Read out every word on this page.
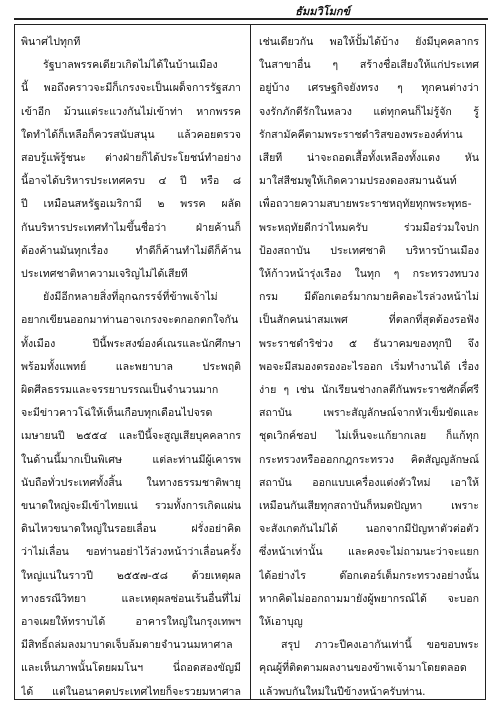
ธัมมวิโมกข์
พินาศไปทุกที
รัฐบาลพรรคเดียวเกิดไม่ได้ในบ้านเมือง
นี้ พอถึงคราวจะมีก็เกรงจะเป็นเผด็จการรัฐสภา
เข้าอีก ม้วนแต่ระแวงกันไม่เข้าท่า หากพรรค
ใดทำได้ก็เหลือก็ควรสนับสนุน แล้วคอยตรวจ
สอบรู้แพ้รู้ชนะ ต่างฝ่ายก็ได้ประโยชน์ทำอย่าง
นี้อาจได้บริหารประเทศครบ ๔ ปี หรือ ๘
ปี เหมือนสหรัฐอเมริกามี ๒ พรรค ผลัด
กันบริหารประเทศทำไมขึ้นชื่อว่า ฝ่ายค้านก็
ต้องค้านมันทุกเรื่อง ทำดีก็ค้านทำไม่ดีก็ค้าน
ประเทศชาติหาความเจริญไม่ได้เสียที
ยังมีอีกหลายสิ่งที่อุกฉกรรจ์ที่ข้าพเจ้าไม่
อยากเขียนออกมาท่านอาจเกรงจะตกอกตกใจกัน
ทั้งเมือง ปีนี้พระสงฆ์องค์เณรและนักศึกษา
พร้อมทั้งแพทย์ และพยาบาล ประพฤติ
ผิดศีลธรรมและจรรยาบรรณเป็นจำนวนมาก
จะมีข่าวคาวโฉ่ให้เห็นเกือบทุกเดือนไปจรด
เมษายนปี ๒๕๕๔ และปีนี้จะสูญเสียบุคคลากร
ในด้านนี้มากเป็นพิเศษ แต่ละท่านมีผู้เคารพ
นับถือทั่วประเทศทั้งสิ้น ในทางธรรมชาติพายุ
ขนาดใหญ่จะมีเข้าไทยแน่ รวมทั้งการเกิดแผ่น
ดินไหวขนาดใหญ่ในรอยเลื่อน ฝรั่งอย่าคิด
ว่าไม่เลื่อน ขอท่านอย่าไว้ล่วงหน้าว่าเลื่อนครั้ง
ใหญ่แน่ในราวปี ๒๕๕๗-๕๘ ด้วยเหตุผล
ทางธรณีวิทยา และเหตุผลซ่อนเร้นอื่นที่ไม่
อาจเผยให้ทราบได้ อาคารใหญ่ในกรุงเทพฯ
มีสิทธิ์ถล่มลงมาบาดเจ็บล้มตายจำนวนมหาศาล
และเห็นภาพนั้นโดยผมโนฯ นี่ถอดสองขัญมี
ได้ แต่ในอนาคตประเทศไทยก็จะรวยมหาศาล
เช่นเดียวกัน พอให้ปั้มได้บ้าง ยังมีบุคคลากร
ในสาขาอื่น ๆ สร้างชื่อเสียงให้แก่ประเทศ
อยู่บ้าง เศรษฐกิจยังทรง ๆ ทุกคนต่างว่า
จงรักภักดีรักในหลวง แต่ทุกคนก็ไม่รู้จัก รู้
รักสามัคคีตามพระราชดำริสของพระองค์ท่าน
เสียที น่าจะถอดเสื้อทั้งเหลืองทั้งแดง หัน
มาใส่สีชมพูให้เกิดความปรองดองสมานฉันท์
เพื่อถวายความสบายพระราชหฤทัยทุกพระพุทธ-
พระหฤทัยดีกว่าไหมครับ ร่วมมือร่วมใจปก
ป้องสถาบัน ประเทศชาติ บริหารบ้านเมือง
ให้ก้าวหน้ารุ่งเรือง ในทุก ๆ กระทรวงทบวง
กรม มีด๊อกเตอร์มากมายคิดอะไรล่วงหน้าไม่
เป็นสักคนน่าสมเพศ ที่ตลกที่สุดต้องรอฟัง
พระราชดำริช่วง ๕ ธันวาคมของทุกปี จึง
พอจะมีสมองตรองอะไรออก เริ่มทำงานได้ เรื่อง
ง่าย ๆ เช่น นักเรียนช่างกลตีกันพระราชศักดิ์ศรี
สถาบัน เพราะสัญลักษณ์จากหัวเข็มขัดและ
ชุดเวิกค์ชอป ไม่เห็นจะแก้ยากเลย ก็แก้ทุก
กระทรวงหรือออกกฎกระทรวง คิดสัญญลักษณ์
สถาบัน ออกแบบเครื่องแต่งตัวใหม่ เอาให้
เหมือนกันเสียทุกสถาบันก็หมดปัญหา เพราะ
จะสังเกตกันไม่ได้ นอกจากมีปัญหาตัวต่อตัว
ซึ่งหน้าเท่านั้น และคงจะไม่ถามนะว่าจะแยก
ได้อย่างไร ด๊อกเตอร์เต็มกระทรวงอย่างนั้น
หากคิดไม่ออกถามมายังผู้พยากรณ์ได้ จะบอก
ให้เอาบุญ
สรุป ภาวะปีคงเอากันเท่านี้ ขอขอบพระ
คุณผู้ที่ติดตามผลงานของข้าพเจ้ามาโดยตลอด
แล้วพบกันใหม่ในปีข้างหน้าครับท่าน.
